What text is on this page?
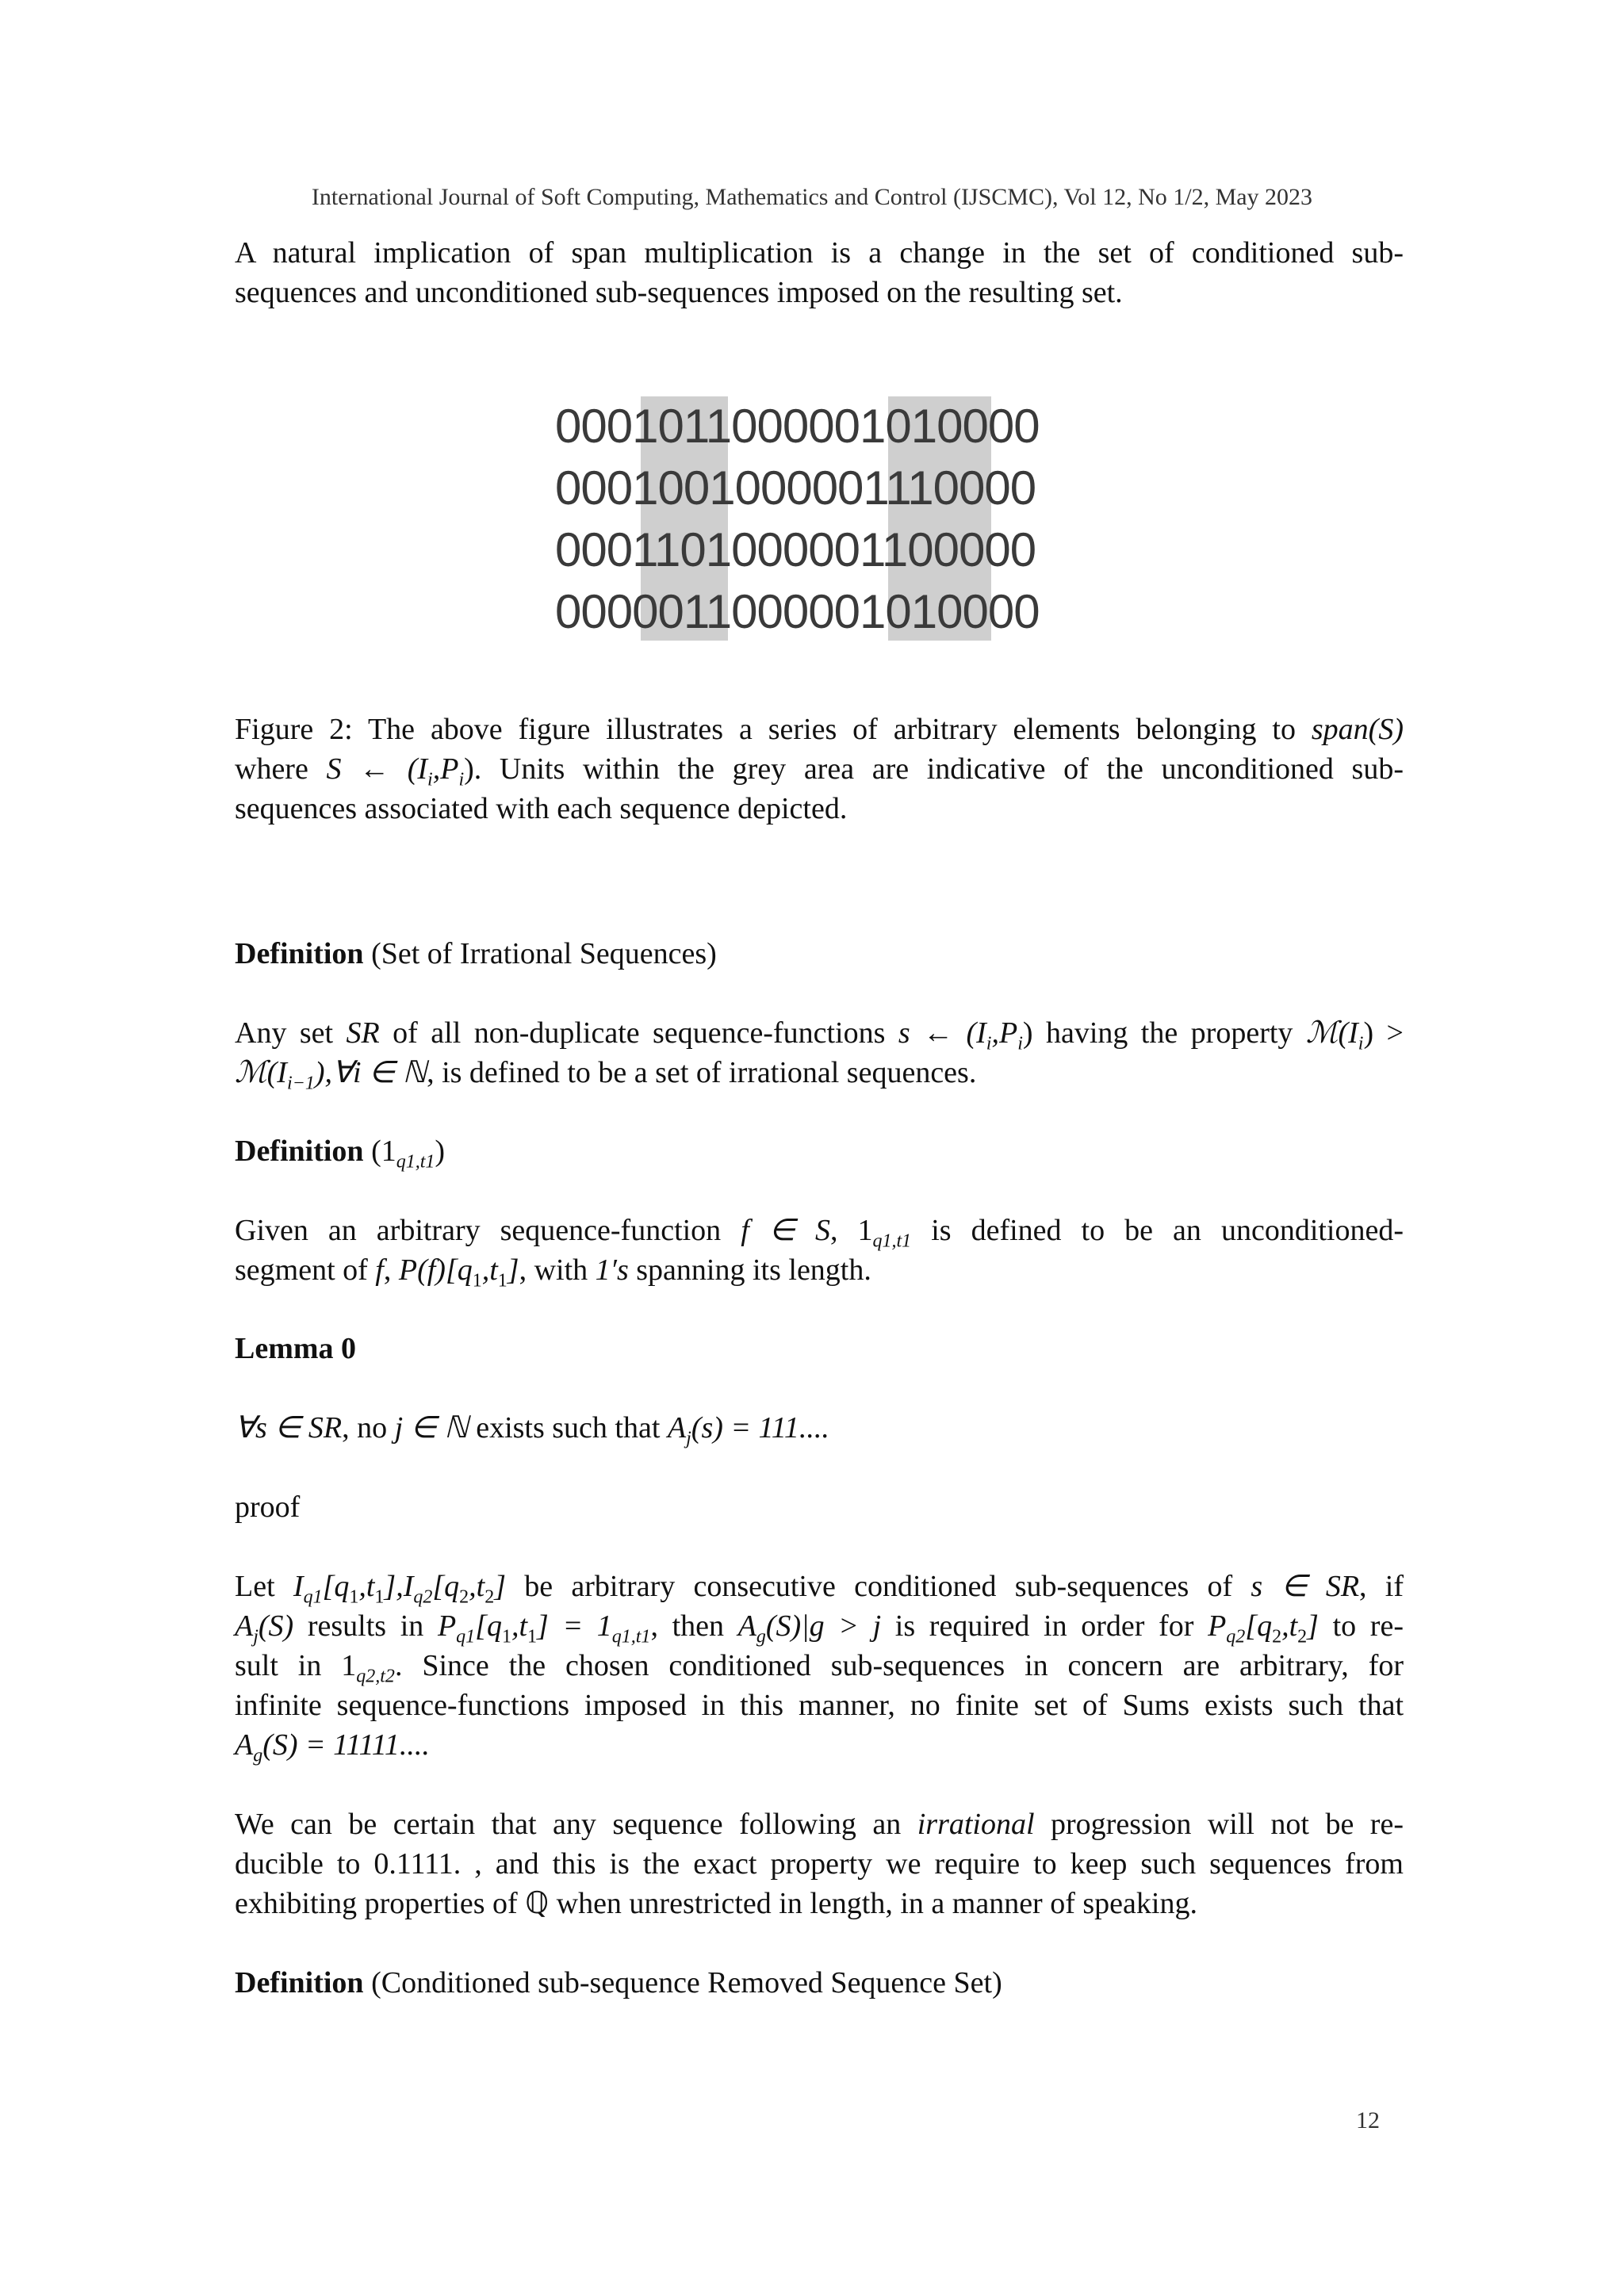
International Journal of Soft Computing, Mathematics and Control (IJSCMC), Vol 12, No 1/2, May 2023
A natural implication of span multiplication is a change in the set of conditioned sub-
sequences and unconditioned sub-sequences imposed on the resulting set.
0001011000001010000
0001001000001110000
0001101000001100000
0000011000001010000
Figure 2: The above figure illustrates a series of arbitrary elements belonging to span(S)
where S ← $(I_i,P_i)$. Units within the grey area are indicative of the unconditioned sub-
sequences associated with each sequence depicted.
Definition (Set of Irrational Sequences)
Any set SR of all non-duplicate sequence-functions s ← $(I_i,P_i)$ having the property $ℳ(I_i)$ >
$ℳ(I_{i-1}),\forall i$ ∈ ℕ, is defined to be a set of irrational sequences.
Definition $(1_{q1,t1})$
Given an arbitrary sequence-function f ∈ S, $1_{q1,t1}$ is defined to be an unconditioned-
segment of f, $P(f)[q_1,t_1]$, with 1′s spanning its length.
Lemma 0
∀s ∈ SR, no j ∈ ℕ exists such that $A_j(s) = 111$....
proof
Let $I_{q1}[q_1,t_1],I_{q2}[q_2,t_2]$ be arbitrary consecutive conditioned sub-sequences of s ∈ SR, if
$A_j(S)$ results in $P_{q1}[q_1,t_1] = 1_{q1,t1}$, then $A_g(S)|g > j$ is required in order for $P_{q2}[q_2,t_2]$ to re-
sult in $1_{q2,t2}$. Since the chosen conditioned sub-sequences in concern are arbitrary, for
infinite sequence-functions imposed in this manner, no finite set of Sums exists such that
$A_g(S) = 11111$....
We can be certain that any sequence following an irrational progression will not be re-
ducible to 0.1111. , and this is the exact property we require to keep such sequences from
exhibiting properties of ℚ when unrestricted in length, in a manner of speaking.
Definition (Conditioned sub-sequence Removed Sequence Set)
12
